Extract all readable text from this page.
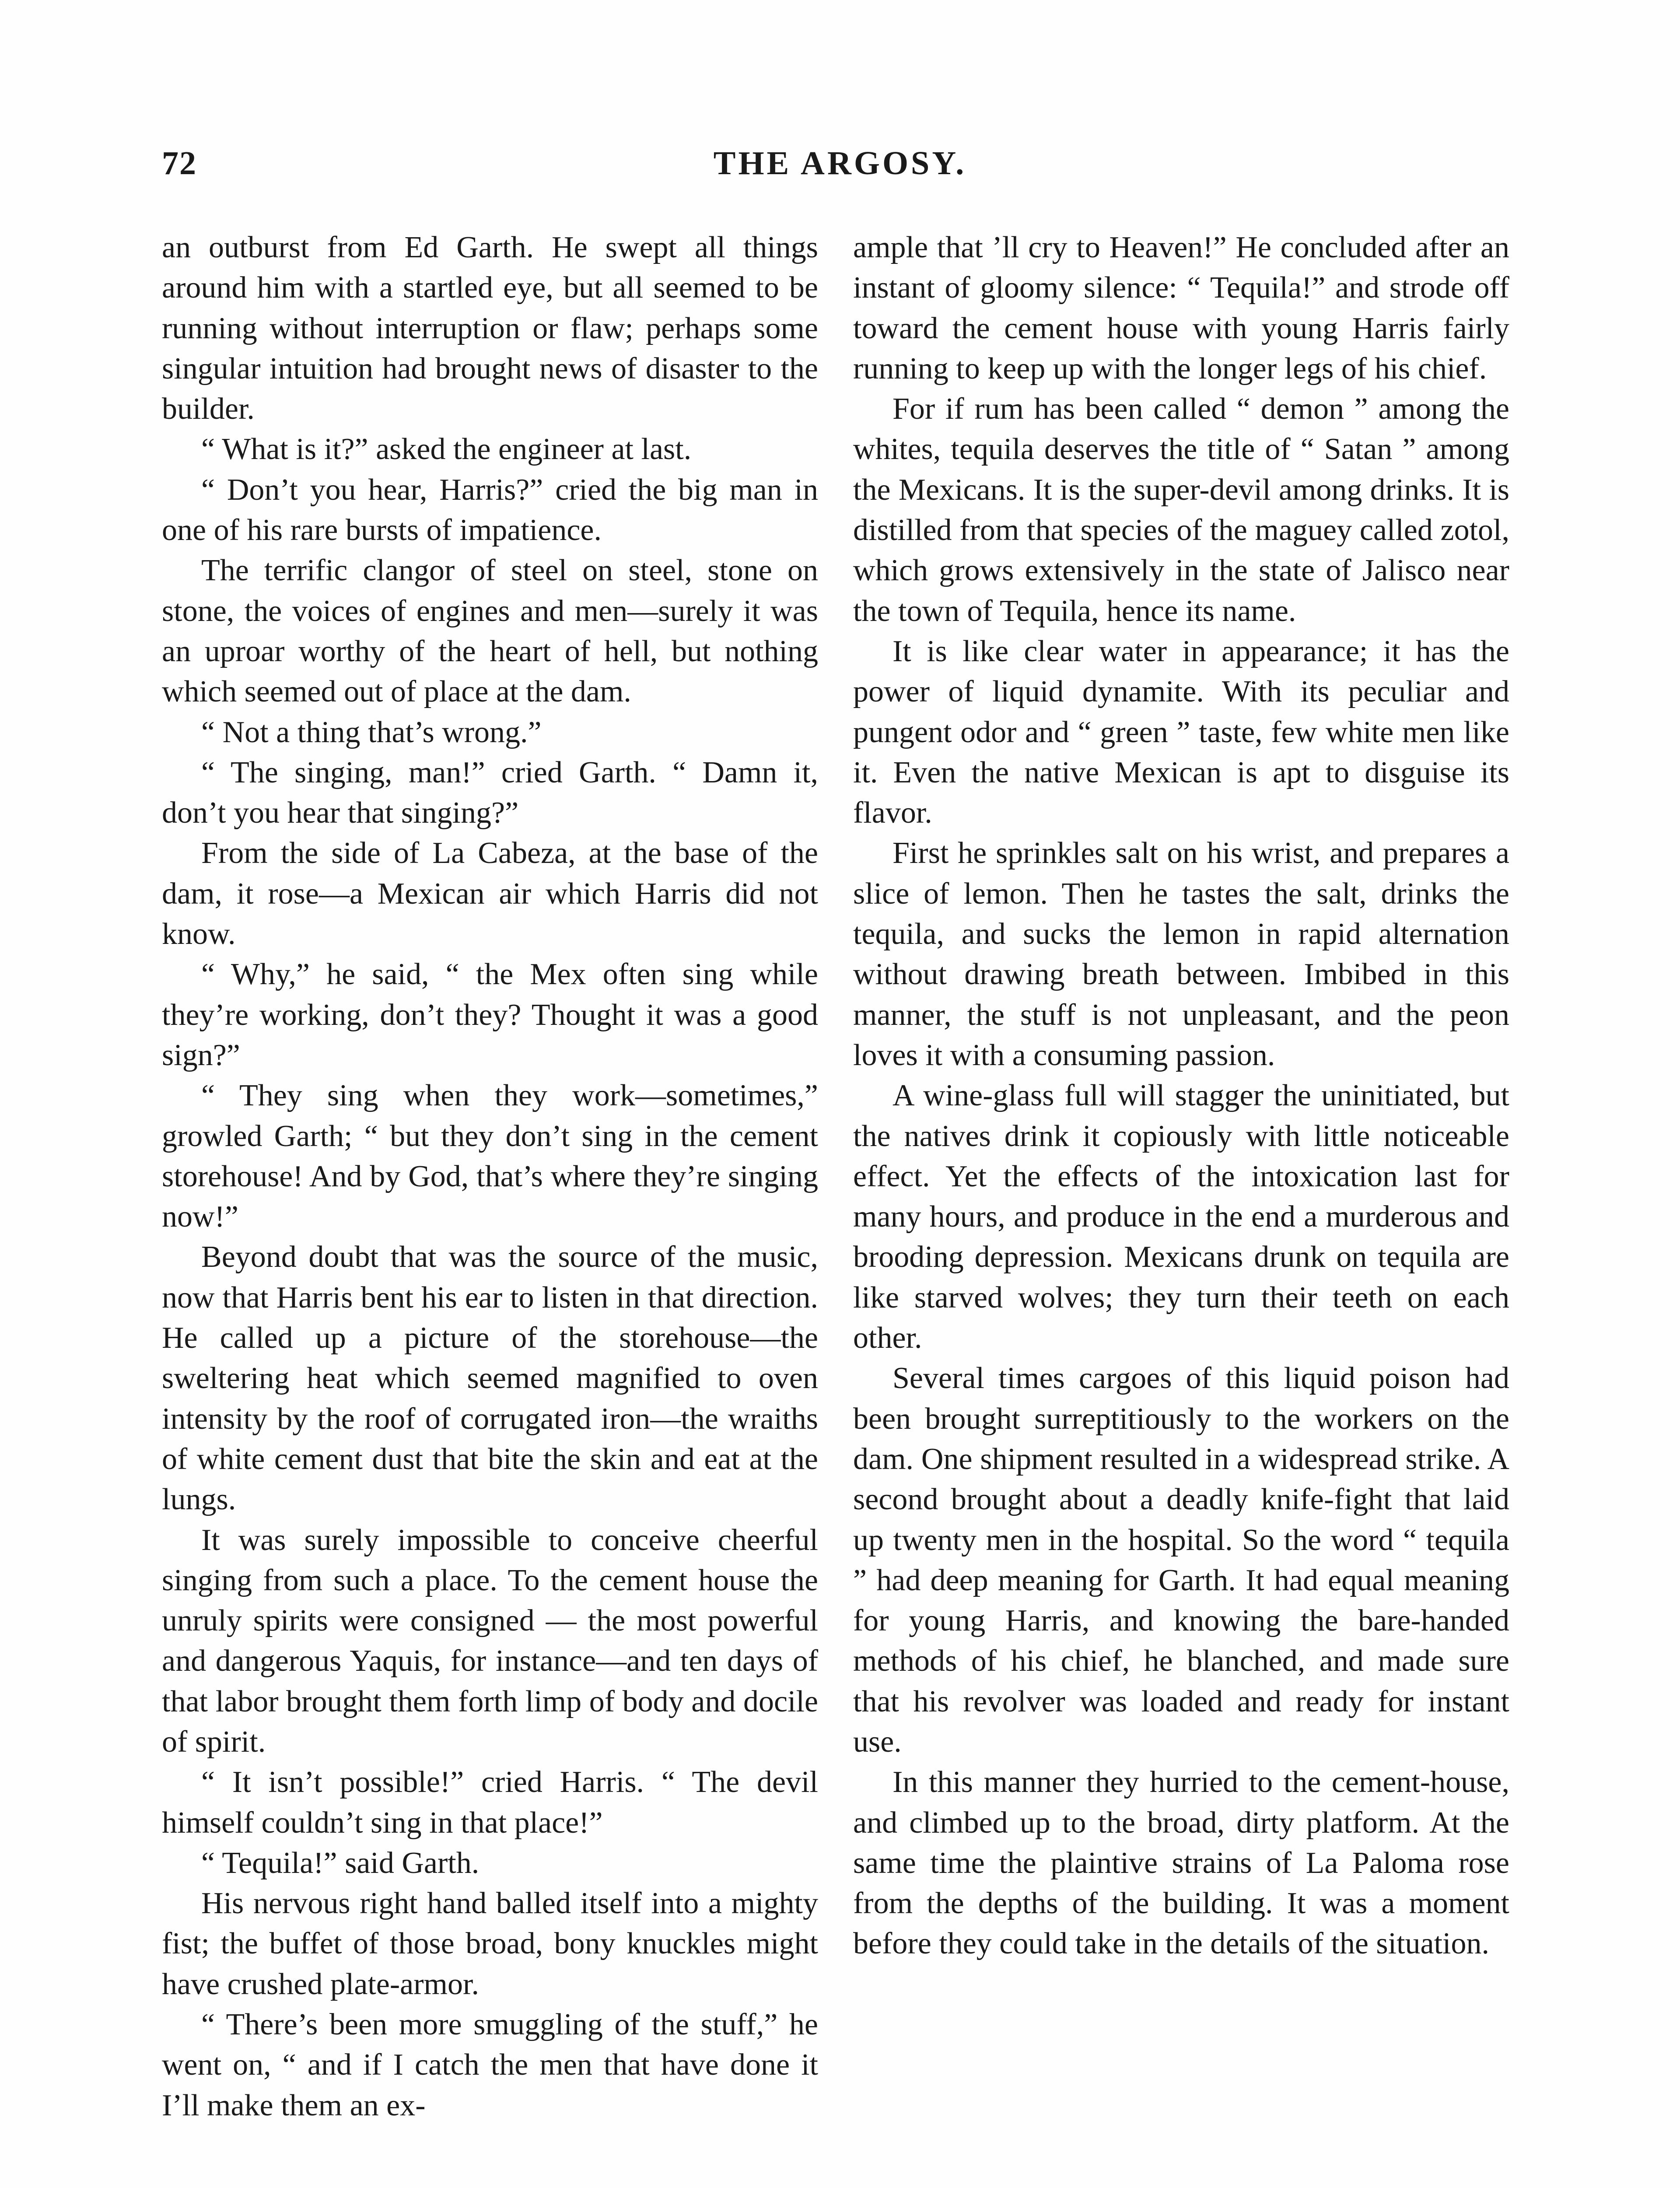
72	THE ARGOSY.

an outburst from Ed Garth. He swept all things around him with a startled eye, but all seemed to be running without interruption or flaw; perhaps some singular intuition had brought news of disaster to the builder.

“ What is it?” asked the engineer at last.

“ Don’t you hear, Harris?” cried the big man in one of his rare bursts of impatience.

The terrific clangor of steel on steel, stone on stone, the voices of engines and men—surely it was an uproar worthy of the heart of hell, but nothing which seemed out of place at the dam.

“ Not a thing that’s wrong.”

“ The singing, man!” cried Garth. “ Damn it, don’t you hear that singing?”

From the side of La Cabeza, at the base of the dam, it rose—a Mexican air which Harris did not know.

“ Why,” he said, “ the Mex often sing while they’re working, don’t they? Thought it was a good sign?”

“ They sing when they work—sometimes,” growled Garth; “ but they don’t sing in the cement storehouse! And by God, that’s where they’re singing now!”

Beyond doubt that was the source of the music, now that Harris bent his ear to listen in that direction. He called up a picture of the storehouse—the sweltering heat which seemed magnified to oven intensity by the roof of corrugated iron—the wraiths of white cement dust that bite the skin and eat at the lungs.

It was surely impossible to conceive cheerful singing from such a place. To the cement house the unruly spirits were consigned — the most powerful and dangerous Yaquis, for instance—and ten days of that labor brought them forth limp of body and docile of spirit.

“ It isn’t possible!” cried Harris. “ The devil himself couldn’t sing in that place!”

“ Tequila!” said Garth.

His nervous right hand balled itself into a mighty fist; the buffet of those broad, bony knuckles might have crushed plate-armor.

“ There’s been more smuggling of the stuff,” he went on, “ and if I catch the men that have done it I’ll make them an ex-

ample that ’ll cry to Heaven!” He concluded after an instant of gloomy silence: “ Tequila!” and strode off toward the cement house with young Harris fairly running to keep up with the longer legs of his chief.

For if rum has been called “ demon ” among the whites, tequila deserves the title of “ Satan ” among the Mexicans. It is the super-devil among drinks. It is distilled from that species of the maguey called zotol, which grows extensively in the state of Jalisco near the town of Tequila, hence its name.

It is like clear water in appearance; it has the power of liquid dynamite. With its peculiar and pungent odor and “ green ” taste, few white men like it. Even the native Mexican is apt to disguise its flavor.

First he sprinkles salt on his wrist, and prepares a slice of lemon. Then he tastes the salt, drinks the tequila, and sucks the lemon in rapid alternation without drawing breath between. Imbibed in this manner, the stuff is not unpleasant, and the peon loves it with a consuming passion.

A wine-glass full will stagger the uninitiated, but the natives drink it copiously with little noticeable effect. Yet the effects of the intoxication last for many hours, and produce in the end a murderous and brooding depression. Mexicans drunk on tequila are like starved wolves; they turn their teeth on each other.

Several times cargoes of this liquid poison had been brought surreptitiously to the workers on the dam. One shipment resulted in a widespread strike. A second brought about a deadly knife-fight that laid up twenty men in the hospital. So the word “ tequila ” had deep meaning for Garth. It had equal meaning for young Harris, and knowing the bare-handed methods of his chief, he blanched, and made sure that his revolver was loaded and ready for instant use.

In this manner they hurried to the cement-house, and climbed up to the broad, dirty platform. At the same time the plaintive strains of La Paloma rose from the depths of the building. It was a moment before they could take in the details of the situation.
